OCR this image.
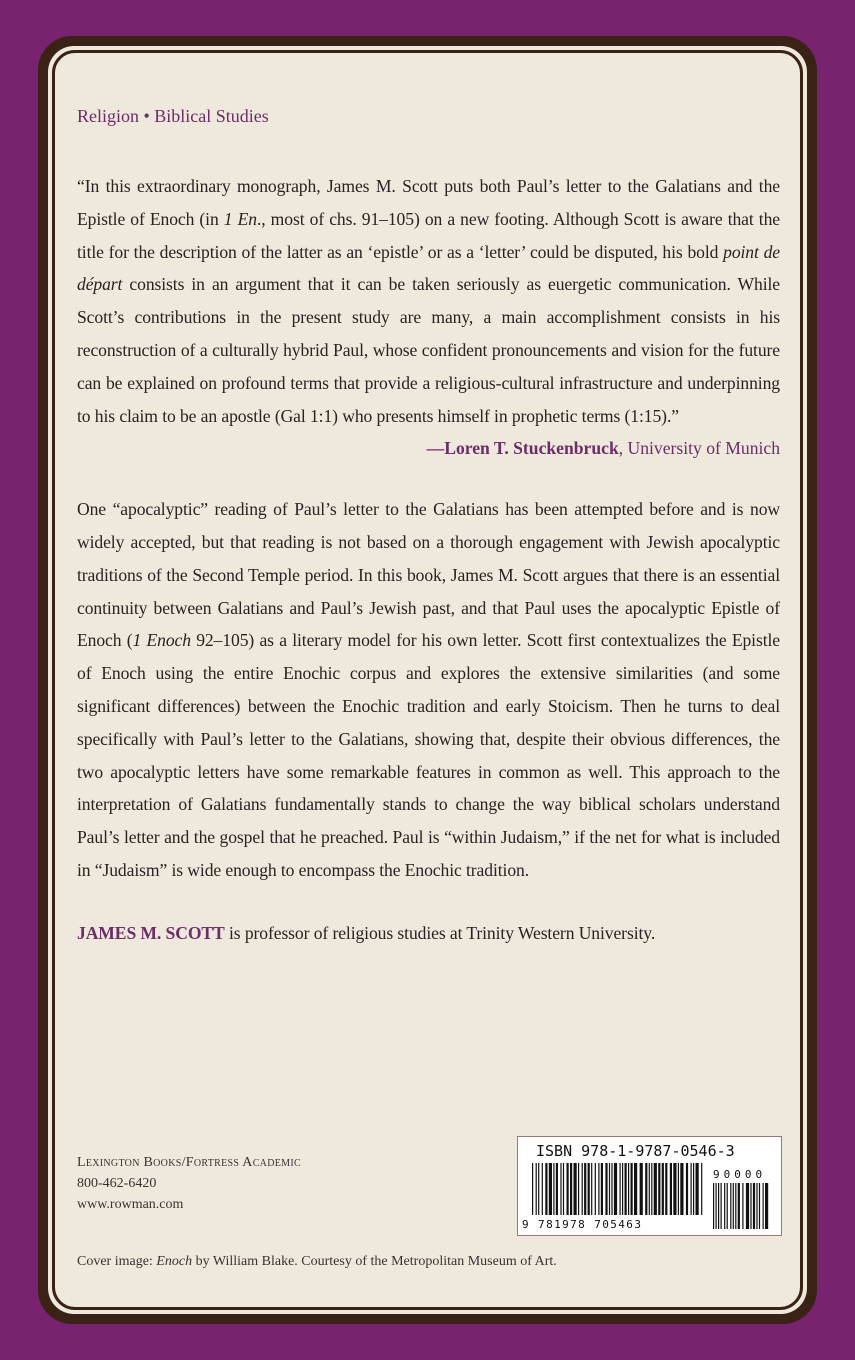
Religion • Biblical Studies

“In this extraordinary monograph, James M. Scott puts both Paul’s letter to the Galatians and the Epistle of Enoch (in 1 En., most of chs. 91–105) on a new footing. Although Scott is aware that the title for the description of the latter as an ‘epistle’ or as a ‘letter’ could be disputed, his bold point de départ consists in an argument that it can be taken seriously as euergetic communication. While Scott’s contributions in the present study are many, a main accomplishment consists in his reconstruction of a culturally hybrid Paul, whose confident pronouncements and vision for the future can be explained on profound terms that provide a religious-cultural infrastructure and underpinning to his claim to be an apostle (Gal 1:1) who presents himself in prophetic terms (1:15).”

—Loren T. Stuckenbruck, University of Munich

One “apocalyptic” reading of Paul’s letter to the Galatians has been attempted before and is now widely accepted, but that reading is not based on a thorough engagement with Jewish apocalyptic traditions of the Second Temple period. In this book, James M. Scott argues that there is an essential continuity between Galatians and Paul’s Jewish past, and that Paul uses the apocalyptic Epistle of Enoch (1 Enoch 92–105) as a literary model for his own letter. Scott first contextualizes the Epistle of Enoch using the entire Enochic corpus and explores the extensive similarities (and some significant differences) between the Enochic tradition and early Stoicism. Then he turns to deal specifically with Paul’s letter to the Galatians, showing that, despite their obvious differences, the two apocalyptic letters have some remarkable features in common as well. This approach to the interpretation of Galatians fundamentally stands to change the way biblical scholars understand Paul’s letter and the gospel that he preached. Paul is “within Judaism,” if the net for what is included in “Judaism” is wide enough to encompass the Enochic tradition.

JAMES M. SCOTT is professor of religious studies at Trinity Western University.

Lexington Books/Fortress Academic
800-462-6420
www.rowman.com
ISBN 978-1-9787-0546-3
90000
9 781978 705463
Cover image: Enoch by William Blake. Courtesy of the Metropolitan Museum of Art.
